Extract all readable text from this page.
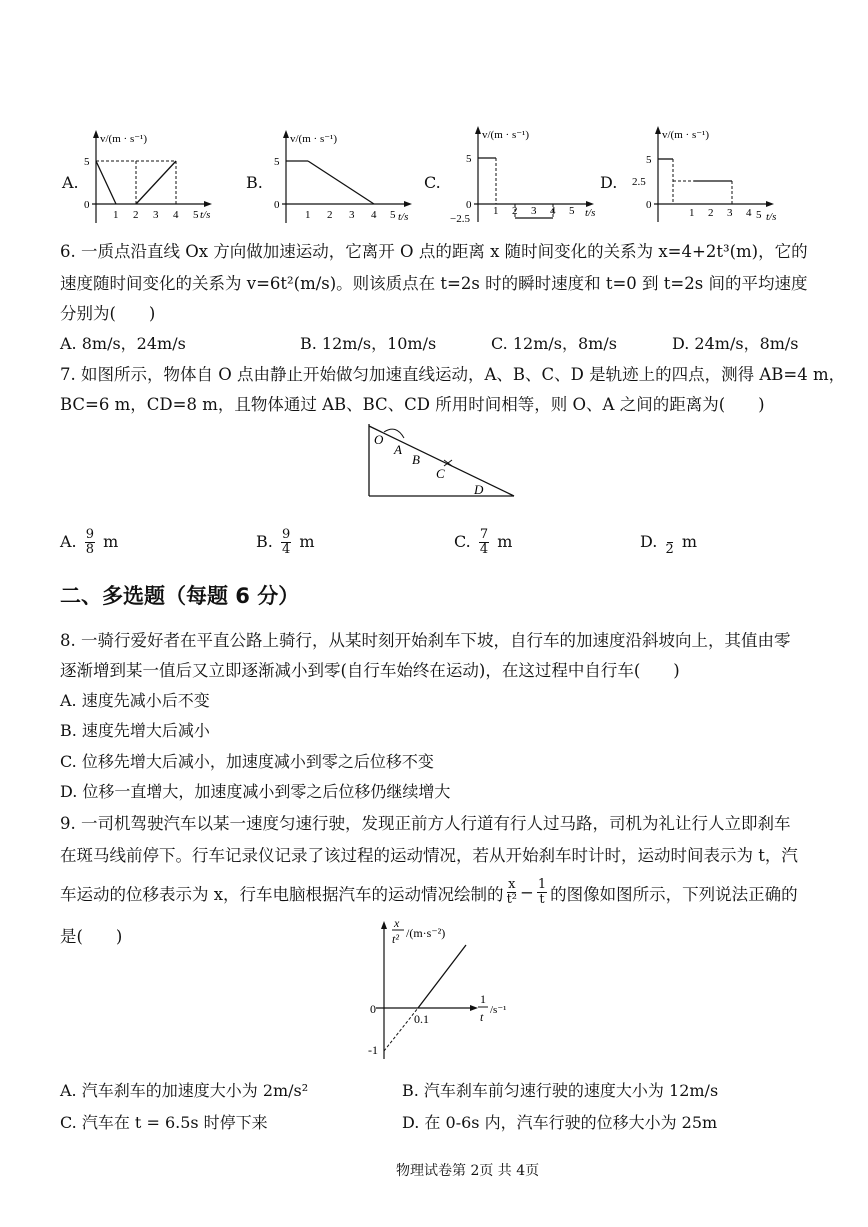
A.
v/(m · s⁻¹)
5
0
1 2 3 4 5 t/s
B.
v/(m · s⁻¹)
5
0
1 2 3 4 5 t/s
C.
v/(m · s⁻¹)
5
0
−2.5
1 2 3 4 5 t/s
D.
v/(m · s⁻¹)
5
2.5
0
1 2 3 4 5 t/s
6. 一质点沿直线 Ox 方向做加速运动，它离开 O 点的距离 x 随时间变化的关系为 x=4+2t³(m)，它的
速度随时间变化的关系为 v=6t²(m/s)。则该质点在 t=2s 时的瞬时速度和 t=0 到 t=2s 间的平均速度
分别为(　　)
A. 8m/s，24m/s	B. 12m/s，10m/s	C. 12m/s，8m/s	D. 24m/s，8m/s
7. 如图所示，物体自 O 点由静止开始做匀加速直线运动，A、B、C、D 是轨迹上的四点，测得 AB=4 m，
BC=6 m，CD=8 m，且物体通过 AB、BC、CD 所用时间相等，则 O、A 之间的距离为(　　)
O
A
B
C
D
A. $\frac{9}{8}$ m	B. $\frac{9}{4}$ m	C. $\frac{7}{4}$ m	D.
2 m
二、多选题（每题 6 分）
8. 一骑行爱好者在平直公路上骑行，从某时刻开始刹车下坡，自行车的加速度沿斜坡向上，其值由零
逐渐增到某一值后又立即逐渐减小到零(自行车始终在运动)，在这过程中自行车(　　)
A. 速度先减小后不变
B. 速度先增大后减小
C. 位移先增大后减小，加速度减小到零之后位移不变
D. 位移一直增大，加速度减小到零之后位移仍继续增大
9. 一司机驾驶汽车以某一速度匀速行驶，发现正前方人行道有行人过马路，司机为礼让行人立即刹车
在斑马线前停下。行车记录仪记录了该过程的运动情况，若从开始刹车时计时，运动时间表示为 t，汽
车运动的位移表示为 x，行车电脑根据汽车的运动情况绘制的 $\frac{x}{\text{t²}} - \frac{1}{t}$ 的图像如图所示，下列说法正确的
是(　　)
x
t² /(m·s⁻²)
1
t /s⁻¹
0
0.1
-1
A. 汽车刹车的加速度大小为 2m/s²	B. 汽车刹车前匀速行驶的速度大小为 12m/s
C. 汽车在 t = 6.5s 时停下来	D. 在 0-6s 内，汽车行驶的位移大小为 25m
物理试卷第 2页 共 4页
